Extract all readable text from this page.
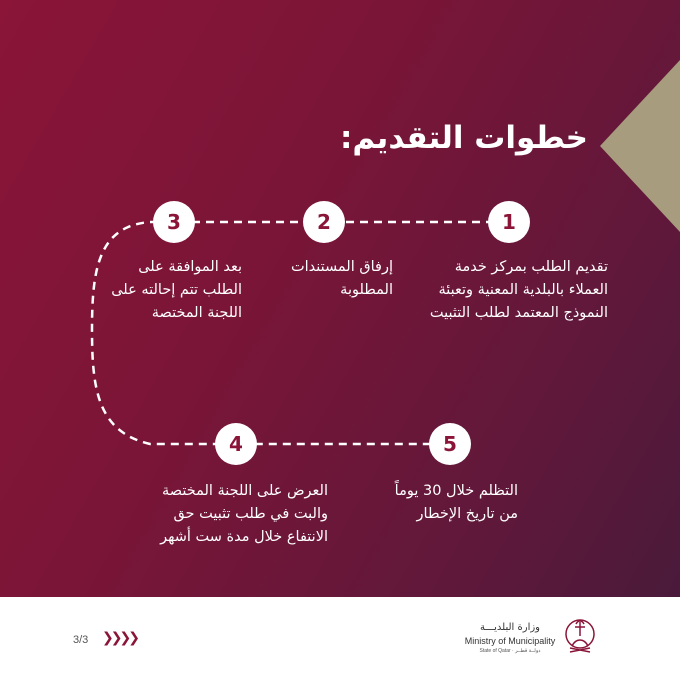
خطوات التقديم:
1
2
3
4	5
تقديم الطلب بمركز خدمة
العملاء بالبلدية المعنية وتعبئة
النموذج المعتمد لطلب التثبيت
إرفاق المستندات
المطلوبة
بعد الموافقة على
الطلب تتم إحالته على
اللجنة المختصة
العرض على اللجنة المختصة
والبت في طلب تثبيت حق
الانتفاع خلال مدة ست أشهر
التظلم خلال 30 يوماً
من تاريخ الإخطار
3/3 ❯❯❯❯
وزارة البلديـــة
Ministry of Municipality
State of Qatar · دولــة قطــر
